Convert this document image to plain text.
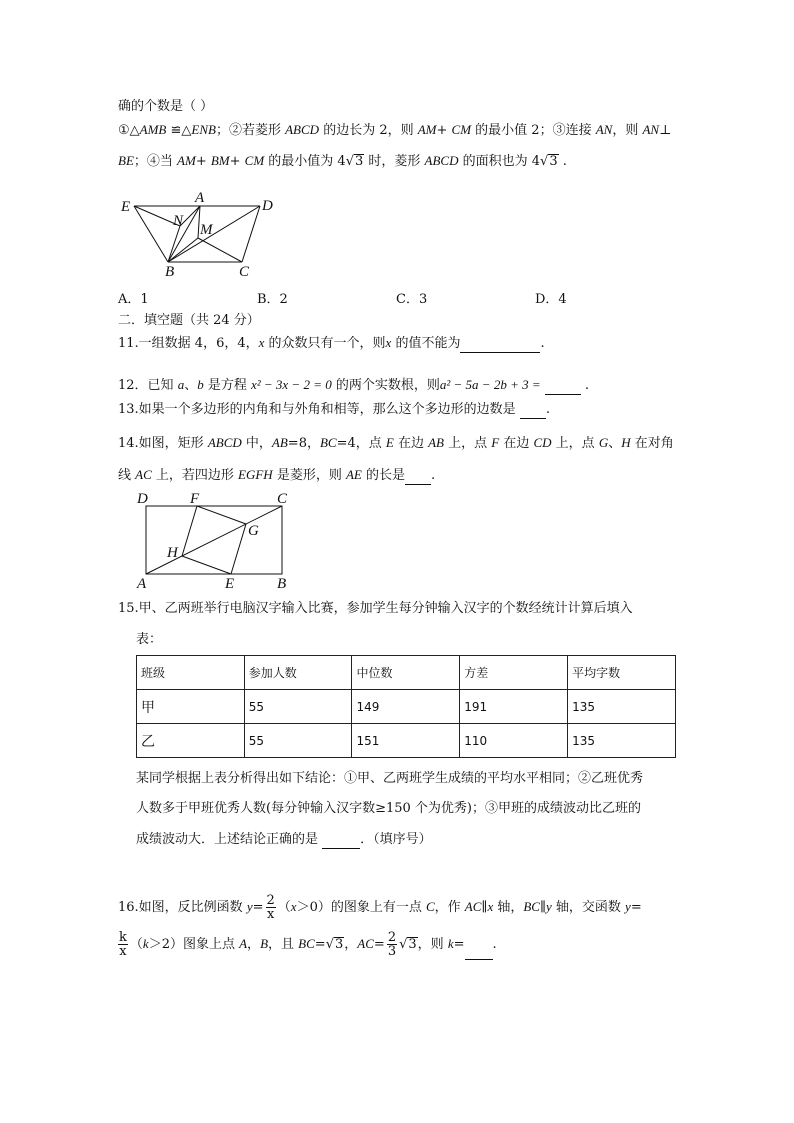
确的个数是（ ）
①△AMB ≌△ENB；②若菱形 ABCD 的边长为 2，则 AM+ CM 的最小值 2；③连接 AN，则 AN⊥
BE；④当 AM+ BM+ CM 的最小值为 4√3 时，菱形 ABCD 的面积也为 4√3 .
E
A	D
N
M
B	C
A．1	B．2	C．3	D．4
二．填空题（共 24 分）
11.一组数据 4，6，4，x 的众数只有一个，则x 的值不能为	.
12．已知 a、b 是方程 x² − 3x − 2 = 0 的两个实数根，则a² − 5a − 2b + 3 =	.
13.如果一个多边形的内角和与外角和相等，那么这个多边形的边数是  .
14.如图，矩形 ABCD 中，AB=8，BC=4，点 E 在边 AB 上，点 F 在边 CD 上，点 G、H 在对角
线 AC 上，若四边形 EGFH 是菱形，则 AE 的长是 .
D	F	C
G
H
A	E	B
15.甲、乙两班举行电脑汉字输入比赛，参加学生每分钟输入汉字的个数经统计计算后填入
表：
班级	参加人数	中位数	方差	平均字数
甲	55	149	191	135
乙	55	151	110	135
某同学根据上表分析得出如下结论：①甲、乙两班学生成绩的平均水平相同；②乙班优秀
人数多于甲班优秀人数(每分钟输入汉字数≥150 个为优秀)；③甲班的成绩波动比乙班的
成绩波动大．上述结论正确的是	．（填序号）
16.如图，反比例函数 $y= \frac{2}{x} (x>0)$的图象上有一点 C，作 AC∥x 轴，BC∥y 轴，交函数 y=
$\frac{k}{x} (k>2)$图象上点 A，B，且 BC=√3，$AC= \frac{2}{3} √3$，则 k= .
